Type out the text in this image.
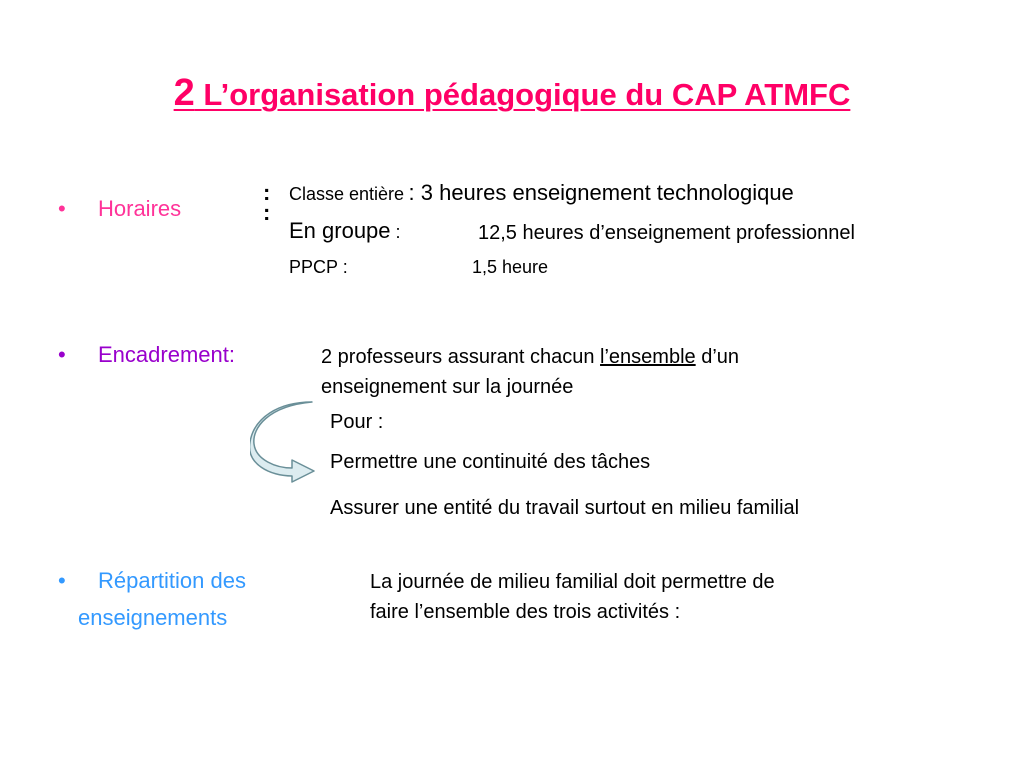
2 L’organisation pédagogique du CAP ATMFC
• Horaires
:
:
Classe entière : 3 heures enseignement technologique
En groupe :	12,5 heures d’enseignement professionnel
PPCP :	1,5 heure
• Encadrement:	2 professeurs assurant chacun l’ensemble d’un
enseignement sur la journée
Pour :
Permettre une continuité des tâches
Assurer une entité du travail surtout en milieu familial
• Répartition des
enseignements
La journée de milieu familial doit permettre de
faire l’ensemble des trois activités :
